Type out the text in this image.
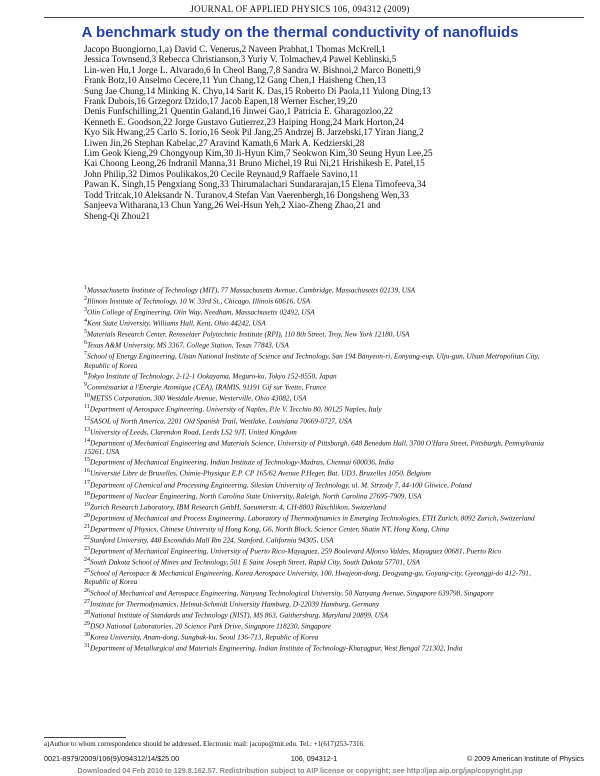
JOURNAL OF APPLIED PHYSICS 106, 094312 (2009)
A benchmark study on the thermal conductivity of nanofluids
Jacopo Buongiorno,1,a) David C. Venerus,2 Naveen Prabhat,1 Thomas McKrell,1
Jessica Townsend,3 Rebecca Christianson,3 Yuriy V. Tolmachev,4 Pawel Keblinski,5
Lin-wen Hu,1 Jorge L. Alvarado,6 In Cheol Bang,7,8 Sandra W. Bishnoi,2 Marco Bonetti,9
Frank Botz,10 Anselmo Cecere,11 Yun Chang,12 Gang Chen,1 Haisheng Chen,13
Sung Jae Chung,14 Minking K. Chyu,14 Sarit K. Das,15 Roberto Di Paola,11 Yulong Ding,13
Frank Dubois,16 Grzegorz Dzido,17 Jacob Eapen,18 Werner Escher,19,20
Denis Funfschilling,21 Quentin Galand,16 Jinwei Gao,1 Patricia E. Gharagozloo,22
Kenneth E. Goodson,22 Jorge Gustavo Gutierrez,23 Haiping Hong,24 Mark Horton,24
Kyo Sik Hwang,25 Carlo S. Iorio,16 Seok Pil Jang,25 Andrzej B. Jarzebski,17 Yiran Jiang,2
Liwen Jin,26 Stephan Kabelac,27 Aravind Kamath,6 Mark A. Kedzierski,28
Lim Geok Kieng,29 Chongyoup Kim,30 Ji-Hyun Kim,7 Seokwon Kim,30 Seung Hyun Lee,25
Kai Choong Leong,26 Indranil Manna,31 Bruno Michel,19 Rui Ni,21 Hrishikesh E. Patel,15
John Philip,32 Dimos Poulikakos,20 Cecile Reynaud,9 Raffaele Savino,11
Pawan K. Singh,15 Pengxiang Song,33 Thirumalachari Sundararajan,15 Elena Timofeeva,34
Todd Tritcak,10 Aleksandr N. Turanov,4 Stefan Van Vaerenbergh,16 Dongsheng Wen,33
Sanjeeva Witharana,13 Chun Yang,26 Wei-Hsun Yeh,2 Xiao-Zheng Zhao,21 and
Sheng-Qi Zhou21
$^1$Massachusetts Institute of Technology (MIT), 77 Massachusetts Avenue, Cambridge, Massachusetts 02139, USA
$^2$Illinois Institute of Technology, 10 W. 33rd St., Chicago, Illinois 60616, USA
$^3$Olin College of Engineering, Olin Way, Needham, Massachusetts 02492, USA
$^4$Kent State University, Williams Hall, Kent, Ohio 44242, USA
$^5$Materials Research Center, Rensselaer Polytechnic Institute (RPI), 110 8th Street, Troy, New York 12180, USA
$^6$Texas A&M University, MS 3367, College Station, Texas 77843, USA
$^7$School of Energy Engineering, Ulsan National Institute of Science and Technology, San 194 Banyeon-ri, Eonyang-eup, Ulju-gun, Ulsan Metropolitan City, Republic of Korea
$^8$Tokyo Institute of Technology, 2-12-1 Ookayama, Meguro-ku, Tokyo 152-8550, Japan
$^9$Commissariat à l'Energie Atomique (CEA), IRAMIS, 91191 Gif sur Yvette, France
$^{10}$METSS Corporation, 300 Westdale Avenue, Westerville, Ohio 43082, USA
$^{11}$Department of Aerospace Engineering, University of Naples, P.le V. Tecchio 80, 80125 Naples, Italy
$^{12}$SASOL of North America, 2201 Old Spanish Trail, Westlake, Louisiana 70669-0727, USA
$^{13}$University of Leeds, Clarendon Road, Leeds LS2 9JT, United Kingdom
$^{14}$Department of Mechanical Engineering and Materials Science, University of Pittsburgh, 648 Benedum Hall, 3700 O'Hara Street, Pittsburgh, Pennsylvania 15261, USA
$^{15}$Department of Mechanical Engineering, Indian Institute of Technology-Madras, Chennai 600036, India
$^{16}$Université Libre de Bruxelles, Chimie-Physique E.P. CP 165/62 Avenue P.Heger, Bat. UD3, Bruxelles 1050, Belgium
$^{17}$Department of Chemical and Processing Engineering, Silesian University of Technology, ul. M. Strzody 7, 44-100 Gliwice, Poland
$^{18}$Department of Nuclear Engineering, North Carolina State University, Raleigh, North Carolina 27695-7909, USA
$^{19}$Zurich Research Laboratory, IBM Research GmbH, Saeumerstr. 4, CH-8803 Rüschlikon, Switzerland
$^{20}$Department of Mechanical and Process Engineering, Laboratory of Thermodynamics in Emerging Technologies, ETH Zurich, 8092 Zurich, Switzerland
$^{21}$Department of Physics, Chinese University of Hong Kong, G6, North Block, Science Center, Shatin NT, Hong Kong, China
$^{22}$Stanford University, 440 Escondido Mall Rm 224, Stanford, California 94305, USA
$^{23}$Department of Mechanical Engineering, University of Puerto Rico-Mayaguez, 259 Boulevard Alfonso Valdes, Mayaguez 00681, Puerto Rico
$^{24}$South Dakota School of Mines and Technology, 501 E Saint Joseph Street, Rapid City, South Dakota 57701, USA
$^{25}$School of Aerospace & Mechanical Engineering, Korea Aerospace University, 100, Hwajeon-dong, Deogyang-gu, Goyang-city, Gyeonggi-do 412-791, Republic of Korea
$^{26}$School of Mechanical and Aerospace Engineering, Nanyang Technological University, 50 Nanyang Avenue, Singapore 639798, Singapore
$^{27}$Institute for Thermodynamics, Helmut-Schmidt University Hamburg, D-22039 Hamburg, Germany
$^{28}$National Institute of Standards and Technology (NIST), MS 863, Gaithersburg, Maryland 20899, USA
$^{29}$DSO National Laboratories, 20 Science Park Drive, Singapore 118230, Singapore
$^{30}$Korea University, Anam-dong, Sungbuk-ku, Seoul 136-713, Republic of Korea
$^{31}$Department of Metallurgical and Materials Engineering, Indian Institute of Technology-Kharagpur, West Bengal 721302, India
a)Author to whom correspondence should be addressed. Electronic mail: jacopo@mit.edu. Tel.: +1(617)253-7316.
0021-8979/2009/106(9)/094312/14/$25.00	106, 094312-1	© 2009 American Institute of Physics
Downloaded 04 Feb 2010 to 129.8.162.57. Redistribution subject to AIP license or copyright; see http://jap.aip.org/jap/copyright.jsp
